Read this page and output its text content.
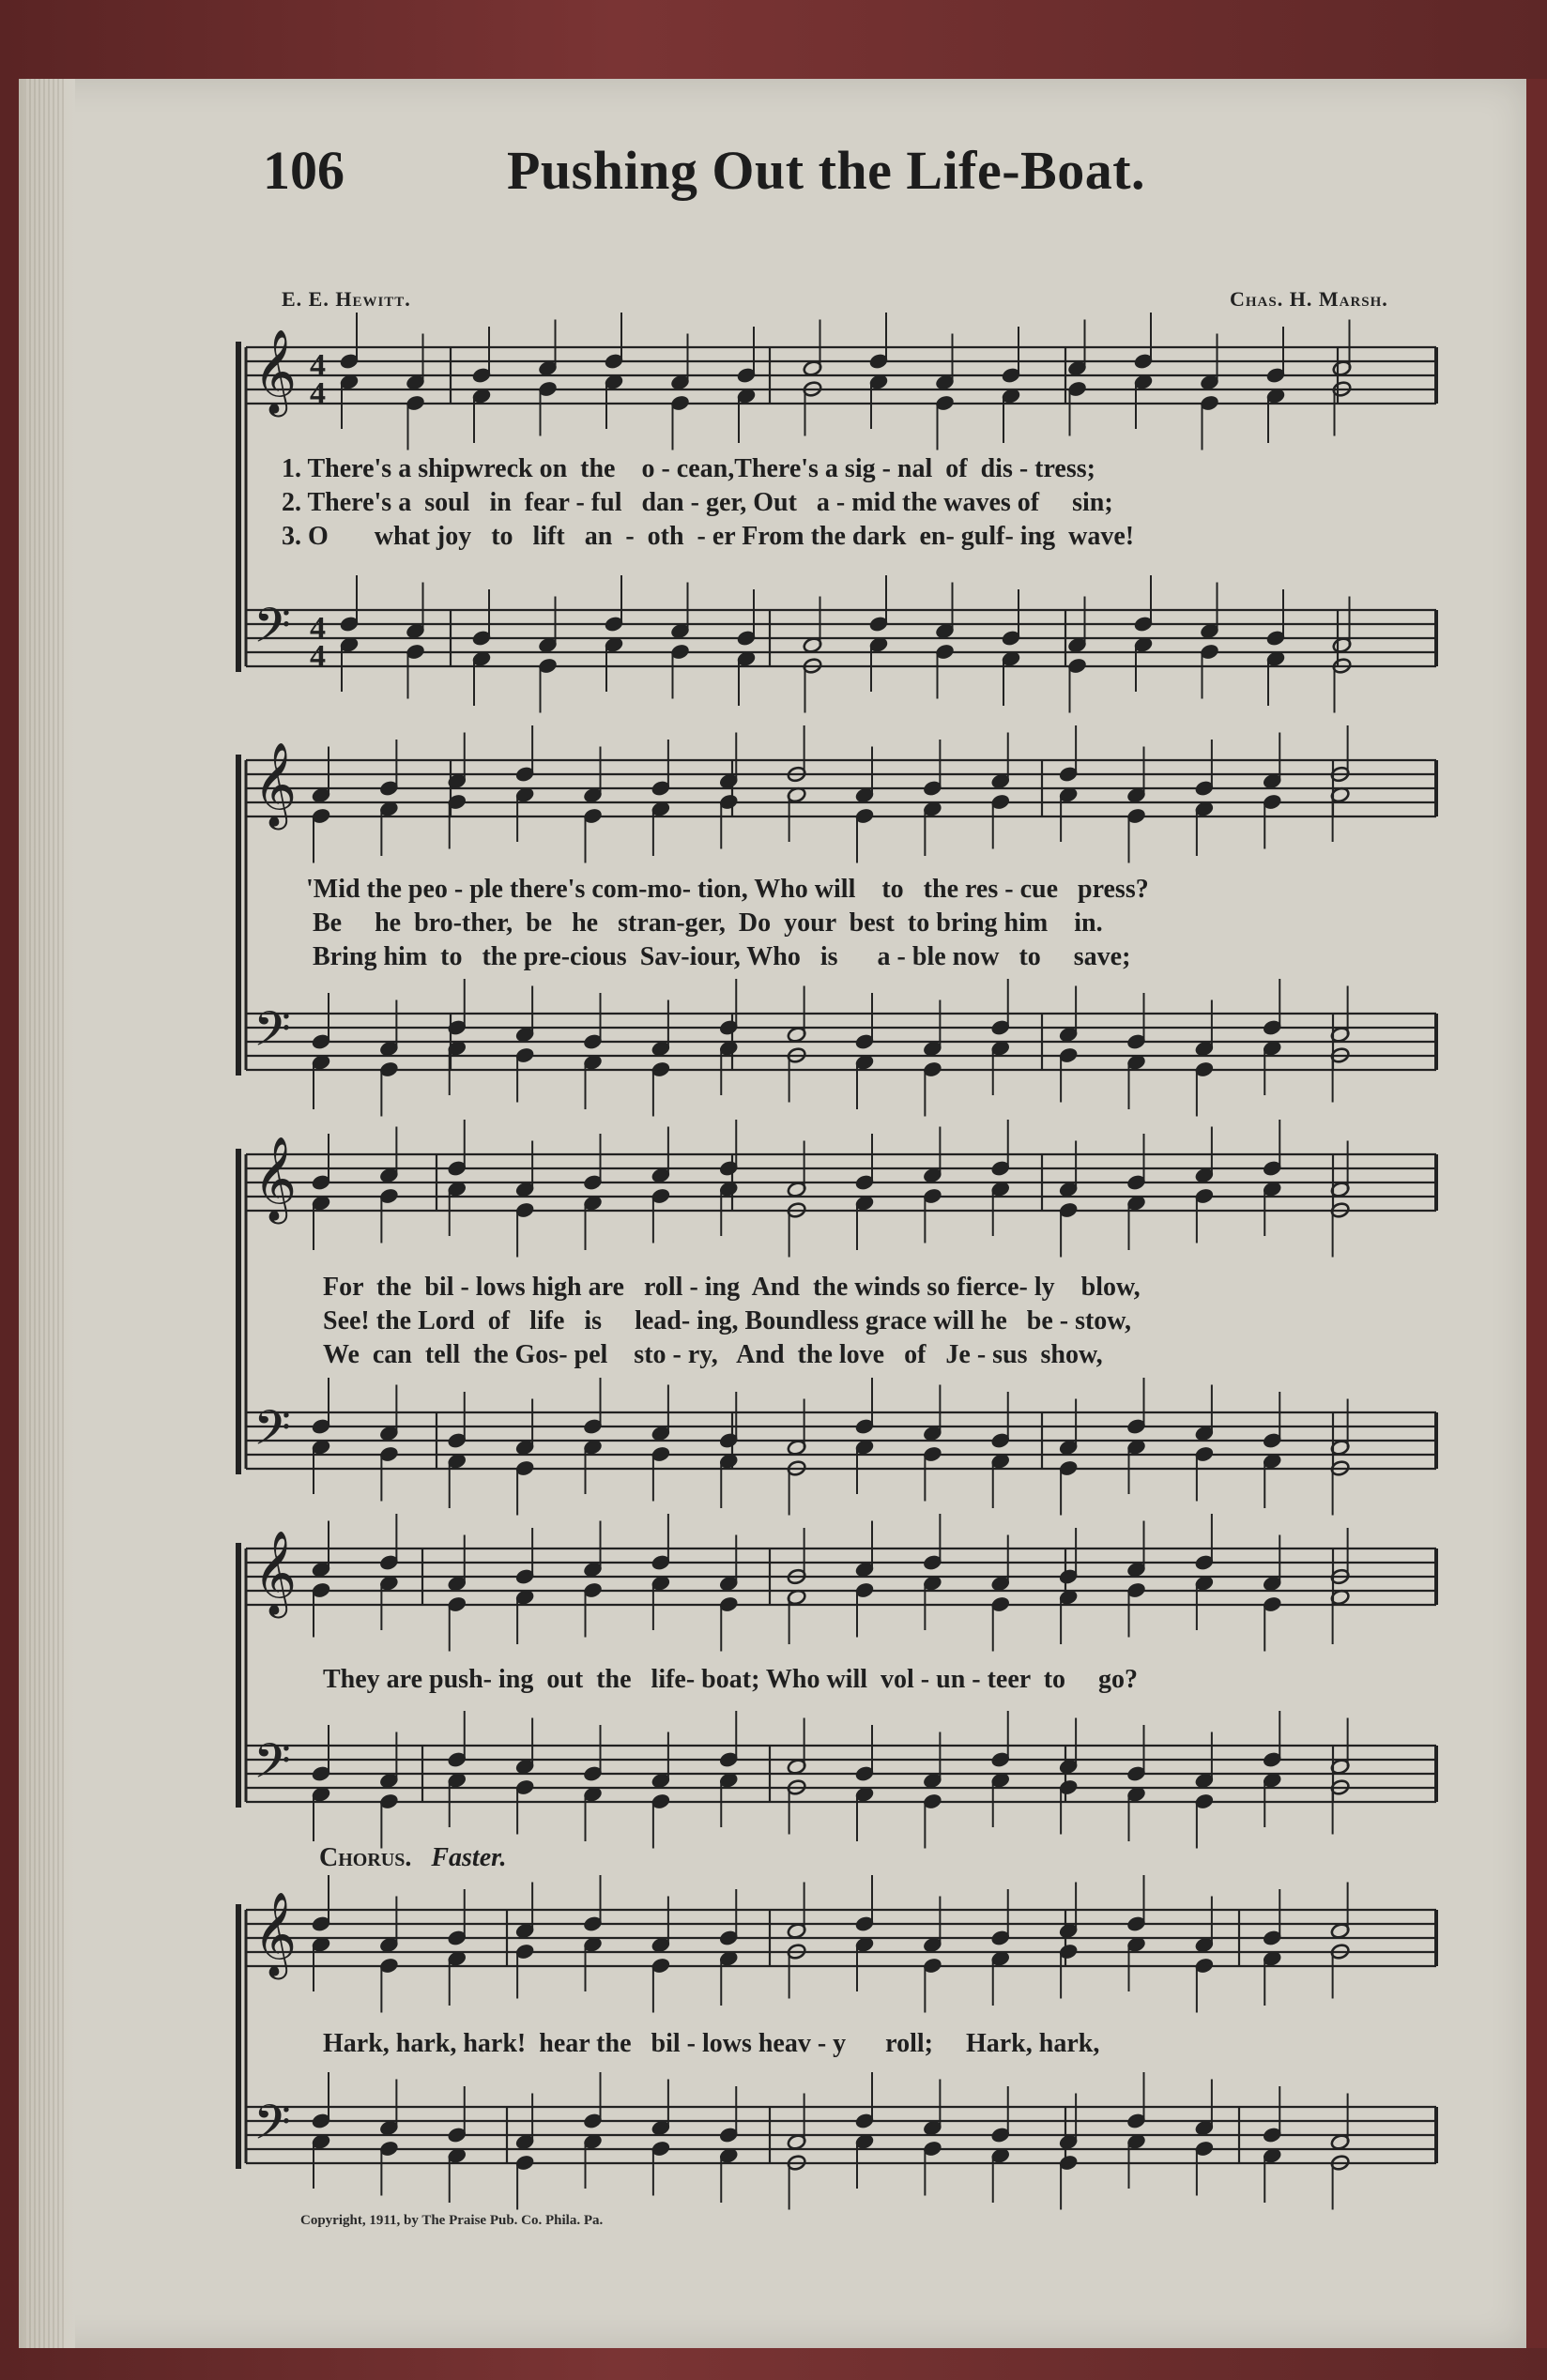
106	Pushing Out the Life-Boat.
E. E. Hewitt.	Chas. H. Marsh.
𝄞
𝄢
𝄞
𝄢
𝄞
𝄢
𝄞
𝄢
𝄞
𝄢
4
4
4
4
1. There's a shipwreck on  the    o - cean,There's a sig - nal  of  dis - tress;
2. There's a  soul   in  fear - ful   dan - ger, Out   a - mid the waves of     sin;
3. O       what joy   to   lift   an  -  oth  - er From the dark  en- gulf- ing  wave!
'Mid the peo - ple there's com-mo- tion, Who will    to   the res - cue   press?
Be     he  bro-ther,  be   he   stran-ger,  Do  your  best  to bring him    in.
Bring him  to   the pre-cious  Sav-iour, Who   is      a - ble now   to     save;
For  the  bil - lows high are   roll - ing  And  the winds so fierce- ly    blow,
See! the Lord  of   life   is     lead- ing, Boundless grace will he   be - stow,
We  can  tell  the Gos- pel    sto - ry,   And  the love   of   Je - sus  show,
They are push- ing  out  the   life- boat; Who will  vol - un - teer  to     go?
Chorus. Faster.
Hark, hark, hark!  hear the   bil - lows heav - y      roll;     Hark, hark,
Copyright, 1911, by The Praise Pub. Co. Phila. Pa.
